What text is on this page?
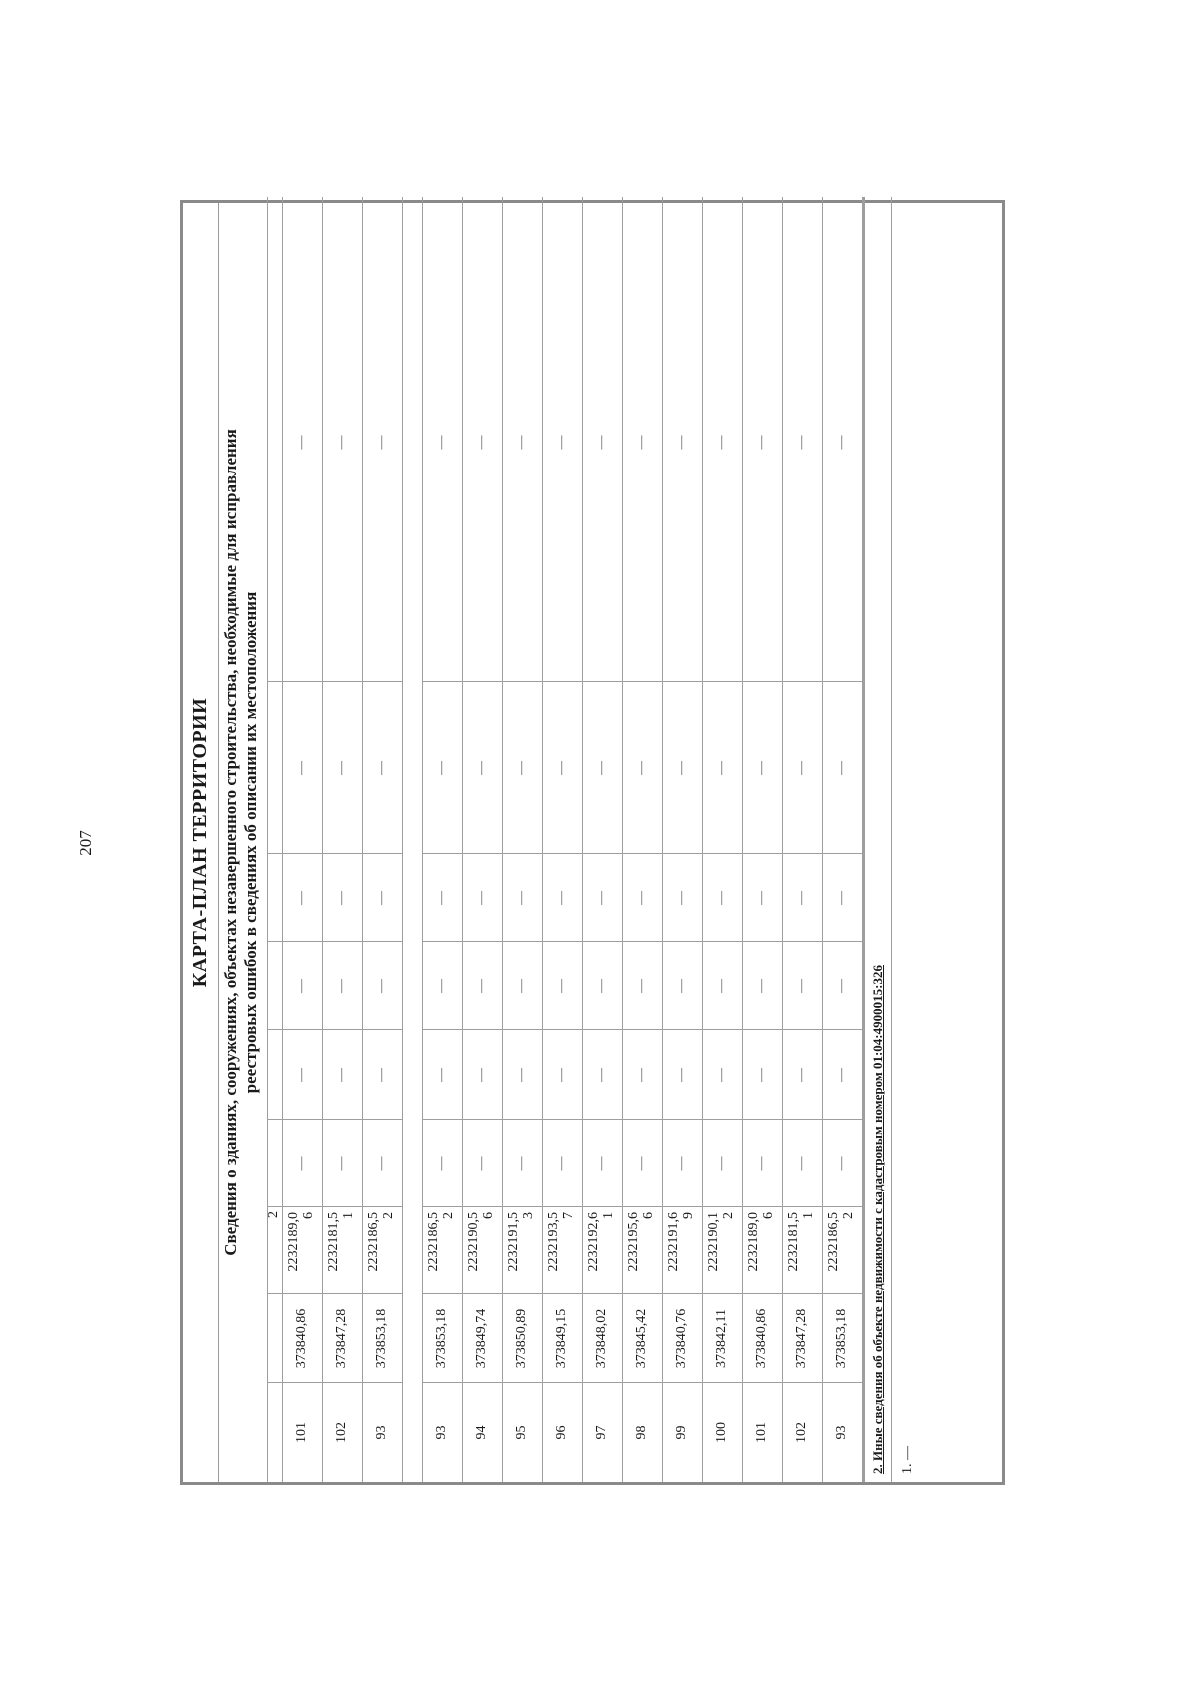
207	КАРТА-ПЛАН ТЕРРИТОРИИ Сведения о зданиях, сооружениях, объектах незавершенного строительства, необходимые для исправления реестровых ошибок в сведениях об описании их местоположения
2
101
373840,86
2232189,0
6
—
—
—
—
—
—
102
373847,28
2232181,5
1
—
—
—
—
—
—
93
373853,18
2232186,5
2
—
—
—
—
—
—
93
373853,18
2232186,5
2
—
—
—
—
—
—
94
373849,74
2232190,5
6
—
—
—
—
—
—
95
373850,89
2232191,5
3
—
—
—
—
—
—
96
373849,15
2232193,5
7
—
—
—
—
—
—
97
373848,02
2232192,6
1
—
—
—
—
—
—
98
373845,42
2232195,6
6
—
—
—
—
—
—
99
373840,76
2232191,6
9
—
—
—
—
—
—
100
373842,11
2232190,1
2
—
—
—
—
—
—
101
373840,86
2232189,0
6
—
—
—
—
—
—
102
373847,28
2232181,5
1
—
—
—
—
—
—
93
373853,18
2232186,5
2
—
—
—
—
—
—
2. Иные сведения об объекте недвижимости с кадастровым номером 01:04:4900015:326	1. —
